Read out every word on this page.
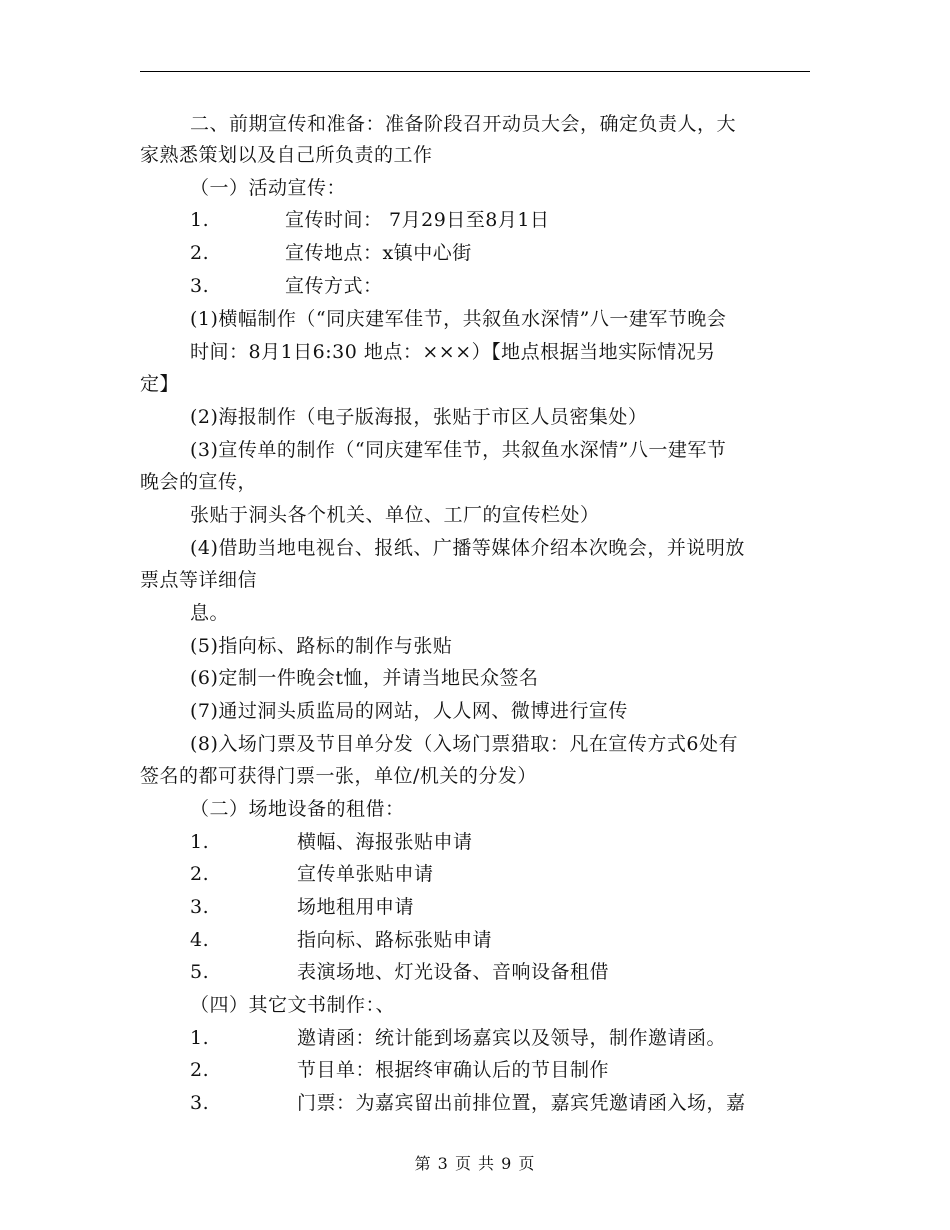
二、前期宣传和准备：准备阶段召开动员大会，确定负责人，大
家熟悉策划以及自己所负责的工作
（一）活动宣传：
1.	宣传时间： 7月29日至8月1日
2.	宣传地点：x镇中心街
3.	宣传方式：
(1)横幅制作（“同庆建军佳节，共叙鱼水深情”八一建军节晚会
时间：8月1日6:30 地点：×××）【地点根据当地实际情况另
定】
(2)海报制作（电子版海报，张贴于市区人员密集处）
(3)宣传单的制作（“同庆建军佳节，共叙鱼水深情”八一建军节
晚会的宣传，
张贴于洞头各个机关、单位、工厂的宣传栏处）
(4)借助当地电视台、报纸、广播等媒体介绍本次晚会，并说明放
票点等详细信
息。
(5)指向标、路标的制作与张贴
(6)定制一件晚会t恤，并请当地民众签名
(7)通过洞头质监局的网站，人人网、微博进行宣传
(8)入场门票及节目单分发（入场门票猎取：凡在宣传方式6处有
签名的都可获得门票一张，单位/机关的分发）
（二）场地设备的租借：
1.	横幅、海报张贴申请
2.	宣传单张贴申请
3.	场地租用申请
4.	指向标、路标张贴申请
5.	表演场地、灯光设备、音响设备租借
（四）其它文书制作：、
1.	邀请函：统计能到场嘉宾以及领导，制作邀请函。
2.	节目单：根据终审确认后的节目制作
3.	门票：为嘉宾留出前排位置，嘉宾凭邀请函入场，嘉
第 3 页 共 9 页
